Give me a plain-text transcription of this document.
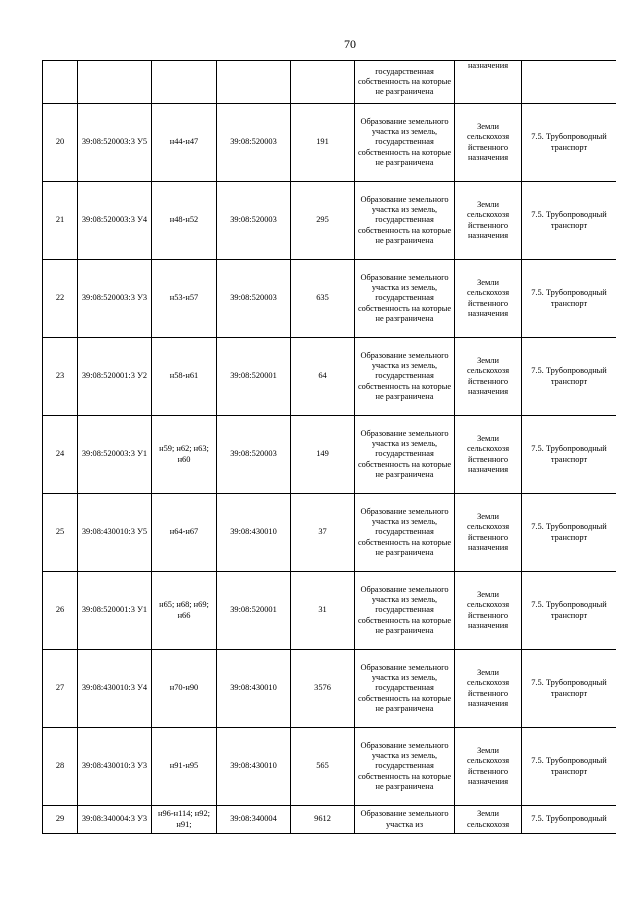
70
					государственная собственность на которые не разграничена	назначения	
20	39:08:520003:3 У5	н44-н47	39:08:520003	191	Образование земельного участка из земель, государственная собственность на которые не разграничена	Земли сельскохозя йственного назначения	7.5. Трубопроводный транспорт
21	39:08:520003:3 У4	н48-н52	39:08:520003	295	Образование земельного участка из земель, государственная собственность на которые не разграничена	Земли сельскохозя йственного назначения	7.5. Трубопроводный транспорт
22	39:08:520003:3 У3	н53-н57	39:08:520003	635	Образование земельного участка из земель, государственная собственность на которые не разграничена	Земли сельскохозя йственного назначения	7.5. Трубопроводный транспорт
23	39:08:520001:3 У2	н58-н61	39:08:520001	64	Образование земельного участка из земель, государственная собственность на которые не разграничена	Земли сельскохозя йственного назначения	7.5. Трубопроводный транспорт
24	39:08:520003:3 У1	н59; н62; н63; н60	39:08:520003	149	Образование земельного участка из земель, государственная собственность на которые не разграничена	Земли сельскохозя йственного назначения	7.5. Трубопроводный транспорт
25	39:08:430010:3 У5	н64-н67	39:08:430010	37	Образование земельного участка из земель, государственная собственность на которые не разграничена	Земли сельскохозя йственного назначения	7.5. Трубопроводный транспорт
26	39:08:520001:3 У1	н65; н68; н69; н66	39:08:520001	31	Образование земельного участка из земель, государственная собственность на которые не разграничена	Земли сельскохозя йственного назначения	7.5. Трубопроводный транспорт
27	39:08:430010:3 У4	н70-н90	39:08:430010	3576	Образование земельного участка из земель, государственная собственность на которые не разграничена	Земли сельскохозя йственного назначения	7.5. Трубопроводный транспорт
28	39:08:430010:3 У3	н91-н95	39:08:430010	565	Образование земельного участка из земель, государственная собственность на которые не разграничена	Земли сельскохозя йственного назначения	7.5. Трубопроводный транспорт
29	39:08:340004:3 У3	н96-н114; н92; н91;	39:08:340004	9612	Образование земельного участка из	Земли сельскохозя	7.5. Трубопроводный
